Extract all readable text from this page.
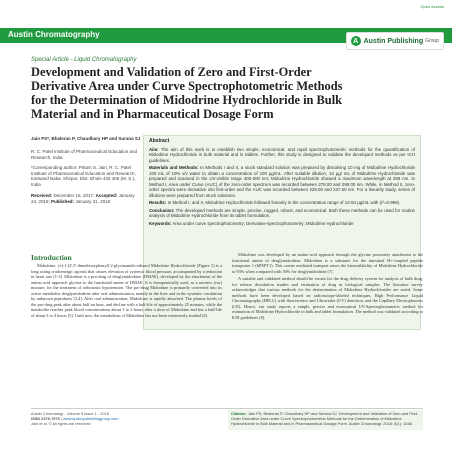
Open Access
Austin Chromatography
A Austin Publishing Group
Special Article - Liquid Chromatography
Development and Validation of Zero and First-Order Derivative Area under Curve Spectrophotometric Methods for the Determination of Midodrine Hydrochloride in Bulk Material and in Pharmaceutical Dosage Form
Jain PS*, Bhalerao P, Chaudhary HP and Surana SJ
R. C. Patel Institute of Pharmaceutical Education and Research, India
*Corresponding author: Pritam S. Jain, R. C. Patel Institute of Pharmaceutical Education and Research, Karwand Naka, Shirpur, Dist. Dhule 425 405 (M. S.), India
Received: December 15, 2017; Accepted: January 24, 2018; Published: January 31, 2018
Abstract

Aim: The aim of this work is to establish two simple, economical, and rapid spectrophotometric methods for the quantification of Midodrine Hydrochloride in bulk material and in tablets. Further, this study is designed to validate the developed methods as per ICH guidelines.

Materials and Methods: In Methods I and II, a stock standard solution was prepared by dissolving 10 mg of Midodrine Hydrochloride 100 mL of 10% v/v water to obtain a concentration of 100 µg/mL. After suitable dilution, 10 µg/ mL of Midodrine Hydrochloride was prepared and scanned in the UV-visible range 400-200 nm; Midodrine Hydrochloride showed a maximum wavelength at 289 nm. In Method I, Area under Curve (AUC) of the zero-order spectrum was recorded between 278.00 and 299.00 nm. While, in Method II, zero-order spectra were derivative into first-order and the AUC was recorded between 228.00 and 237.50 nm. For a linearity study, series of dilutions were prepared from stock solutions.

Results: In Method I, and II, Midodrine Hydrochloride followed linearity in the concentration range of 12-84 µg/mL with (r²=0.999).

Conclusion: The developed methods are simple, precise, rugged, robust, and economical. Both these methods can be used for routine analysis of Midodrine Hydrochloride from its tablet formulation.

Keywords: Area under curve spectrophotometry; Derivative-spectrophotometry; Midodrine Hydrochloride

Introduction

Midodrine, (±)-1-(2',5'-dimethoxyphenyl)-2-glycinamido-ethanol Midodrine Hydrochloride (Figure 1) is a long acting α-adrenergic agonist that causes elevation of systemic blood pressure, accompanied by a reduction in heart rate [1-3]. Midodrine is a pro-drug of desglymidodrine (DMAE), developed by the attachment of the amino acid approach glycine to the functional amine of DMAE. It is therapeutically used, as a racemic (rac) mixture, for the treatment of orthostatic hypotension. The pro-drug Midodrine is primarily converted into its active metabolite desglymidodrine after oral administration, mainly in the liver and in the systemic circulation by unknown peptidases [3,4]. After oral administration, Midodrine is rapidly absorbed. The plasma levels of the pro-drug peak after about half an hour, and decline with a half-life of approximately 25 minutes, while the metabolite reaches peak blood concentrations about 1 to 2 hours after a dose of Midodrine and has a half-life of about 3 to 4 hours [5]. Until now, the metabolism of Midodrine has not been extensively studied [6].

Midodrine was developed by an amino-acid approach through the glycine promoiety attachment to the functional amine of desglymidodrine. Midodrine is a substrate for the intestinal H+-coupled peptide transporter 1 (hPEPT1). This carrier mediated transport raises the bioavailability of Midodrine Hydrochloride to 93% when compared with 50% for desglymidodrine [7].

A suitable and validated method should be vacant for the drug delivery system for analysis of bulk drug, for release dissolution studies and estimation of drug in biological samples. The literature survey acknowledges that various methods for the determination of Midodrine Hydrochlorides are noted. Some methods have been developed based on radioisotope-labeled techniques, High Performance Liquid Chromatography (HPLC) with fluorescence and Ultraviolet (UV) detection, and the Capillary Electrophoresis (CE). Hence, our study reports a simple, precise and economical UV-Spectrophotometric method for estimation of Midodrine Hydrochloride in bulk and tablet formulation. The method was validated according to ICH guidelines [8].

Austin Chromatogr - Volume 5 Issue 1 - 2018
ISSN 2379-7975 | www.austinpublishinggroup.com
Jain et al. © All rights are reserved
Citation: Jain PS, Bhalerao P, Chaudhary HP and Surana SJ. Development and Validation of Zero and First-Order Derivative Area under Curve Spectrophotometric Methods for the Determination of Midodrine Hydrochloride in Bulk Material and in Pharmaceutical Dosage Form. Austin Chromatogr. 2018; 5(1): 1048.
